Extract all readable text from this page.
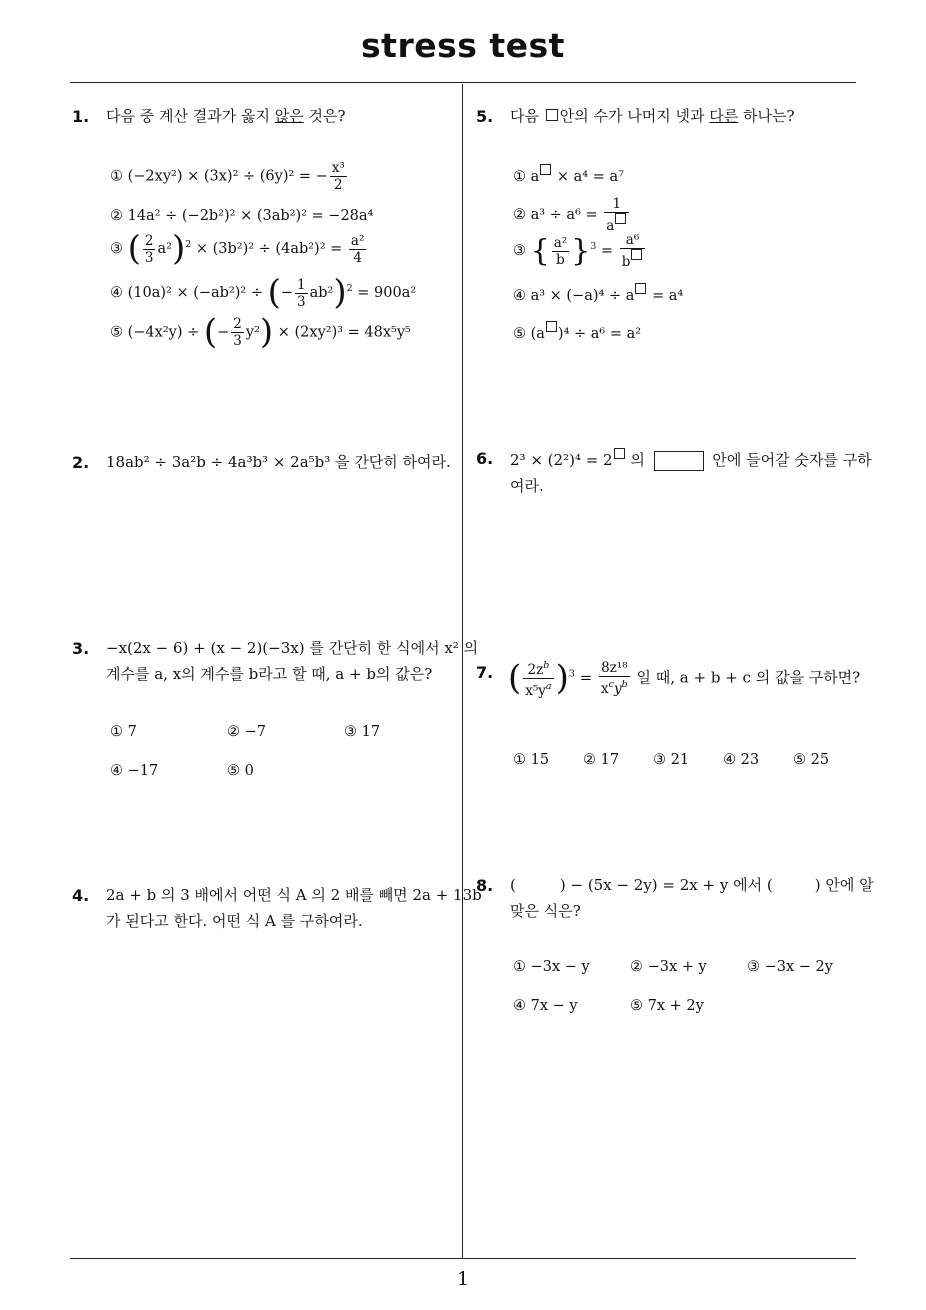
stress test
1
1. 다음 중 계산 결과가 옳지 않은 것은?
① (−2xy²) × (3x)² ÷ (6y)² = − $\frac{\text{x³}}{2}$
② 14a² ÷ (−2b²)² × (3ab²)² = −28a⁴
③ ( $\frac{2}{3} a^2)^2 \times (3b^2)^2 \div (4ab^2)^2 = \frac{\text{a²}}{4}$
④ (10a)² × (−ab²)² ÷ (− $\frac{1}{3} ab^2)^2 = 900a^2$
⑤ (−4x²y) ÷ (− $\frac{2}{3} y^2) \times (2xy^2)^3 = 48x^5y^5$
2. 18ab² ÷ 3a²b ÷ 4a³b³ × 2a⁵b³ 을 간단히 하여라.
3. −x(2x − 6) + (x − 2)(−3x) 를 간단히 한 식에서 x² 의
계수를 a, x의 계수를 b라고 할 때, a + b의 값은?
① 7	② −7	③ 17
④ −17	⑤ 0
4. 2a + b 의 3 배에서 어떤 식 A 의 2 배를 빼면 2a + 13b
가 된다고 한다. 어떤 식 A 를 구하여라.
5. 다음 안의 수가 나머지 넷과 다른 하나는?
① a × a⁴ = a⁷
② $a^3 \div a^6 = \frac{1}{a}$
③ { $\frac{\text{a²}}{b} \}^3 = \frac{\text{a⁶}}{b}$
④ a³ × (−a)⁴ ÷ a = a⁴
⑤ (a )⁴ ÷ a⁶ = a²
6. 2³ × (2²)⁴ = 2 의	안에 들어갈 숫자를 구하
여라.
7. ( $\frac{2z^b}{x^5y^a} )^3 = \frac{\text{8z¹⁸}}{x^cy^b}$ 일 때, a + b + c 의 값을 구하면?
① 15 ② 17 ③ 21 ④ 23 ⑤ 25
8. (	) − (5x − 2y) = 2x + y 에서 (	) 안에 알
맞은 식은?
① −3x − y	② −3x + y	③ −3x − 2y
④ 7x − y	⑤ 7x + 2y
